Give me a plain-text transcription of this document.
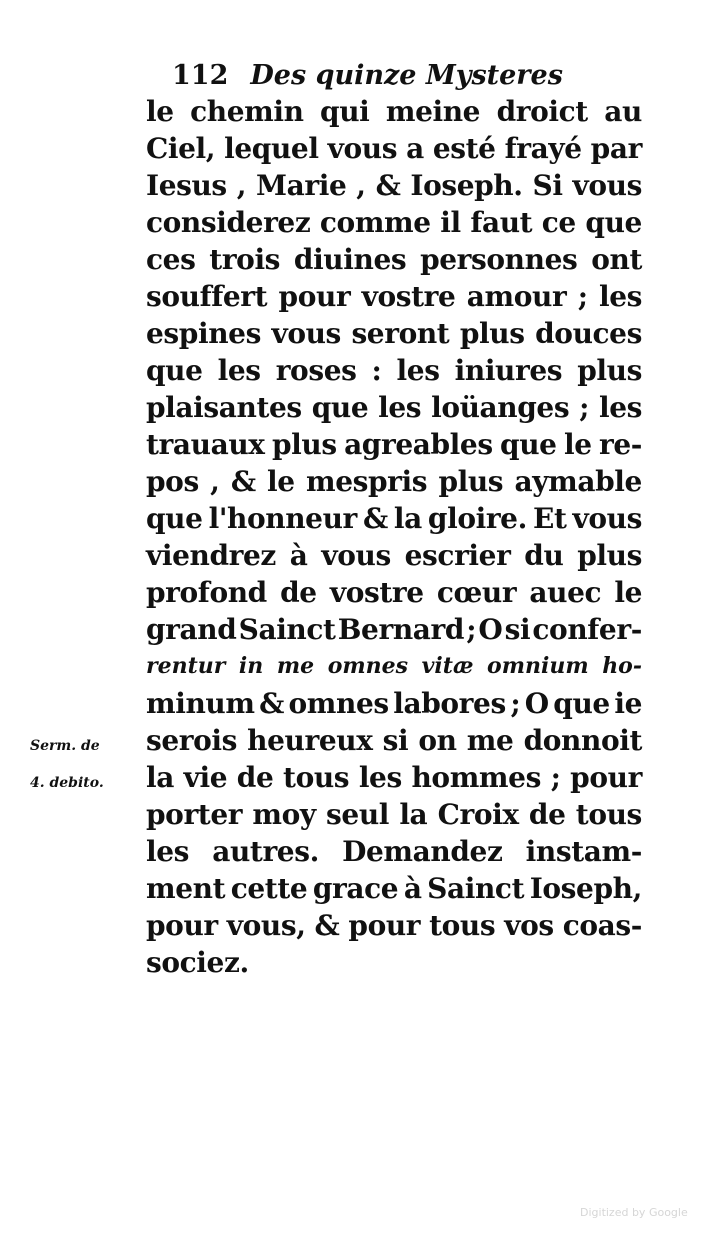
112 Des quinze Mysteres
le chemin qui meine droict au
Ciel, lequel vous a esté frayé par
Iesus , Marie , & Ioseph. Si vous
considerez comme il faut ce que
ces trois diuines personnes ont
souffert pour vostre amour ; les
espines vous seront plus douces
que les roses : les iniures plus
plaisantes que les loüanges ; les
trauaux plus agreables que le re-
pos , & le mespris plus aymable
que l'honneur & la gloire. Et vous
viendrez à vous escrier du plus
profond de vostre cœur auec le
grand Sainct Bernard ; O si confer-
rentur in me omnes vitæ omnium ho-
minum & omnes labores ; O que ie
serois heureux si on me donnoit
la vie de tous les hommes ; pour
porter moy seul la Croix de tous
les autres. Demandez instam-
ment cette grace à Sainct Ioseph,
pour vous, & pour tous vos coas-
sociez.
Serm. de
4. debito.
Digitized by Google
